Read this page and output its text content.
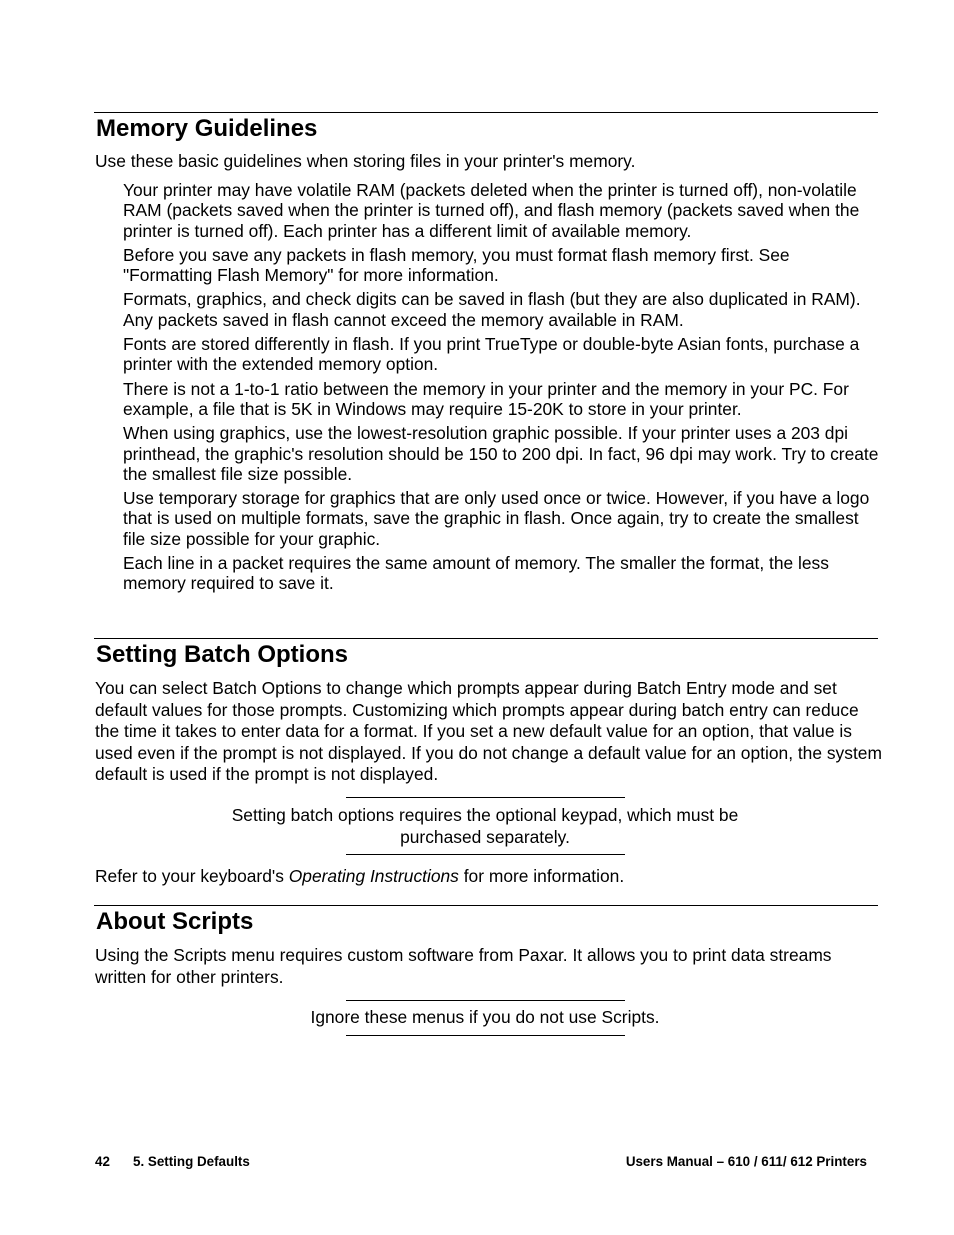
Memory Guidelines

Use these basic guidelines when storing files in your printer's memory.

Your printer may have volatile RAM (packets deleted when the printer is turned off), non-volatile RAM (packets saved when the printer is turned off), and flash memory (packets saved when the printer is turned off). Each printer has a different limit of available memory.

Before you save any packets in flash memory, you must format flash memory first. See "Formatting Flash Memory" for more information.

Formats, graphics, and check digits can be saved in flash (but they are also duplicated in RAM). Any packets saved in flash cannot exceed the memory available in RAM.

Fonts are stored differently in flash. If you print TrueType or double-byte Asian fonts, purchase a printer with the extended memory option.

There is not a 1-to-1 ratio between the memory in your printer and the memory in your PC. For example, a file that is 5K in Windows may require 15-20K to store in your printer.

When using graphics, use the lowest-resolution graphic possible. If your printer uses a 203 dpi printhead, the graphic's resolution should be 150 to 200 dpi. In fact, 96 dpi may work. Try to create the smallest file size possible.

Use temporary storage for graphics that are only used once or twice. However, if you have a logo that is used on multiple formats, save the graphic in flash. Once again, try to create the smallest file size possible for your graphic.

Each line in a packet requires the same amount of memory. The smaller the format, the less memory required to save it.

Setting Batch Options

You can select Batch Options to change which prompts appear during Batch Entry mode and set default values for those prompts. Customizing which prompts appear during batch entry can reduce the time it takes to enter data for a format. If you set a new default value for an option, that value is used even if the prompt is not displayed. If you do not change a default value for an option, the system default is used if the prompt is not displayed.

Setting batch options requires the optional keypad, which must be

purchased separately.

Refer to your keyboard's Operating Instructions for more information.

About Scripts

Using the Scripts menu requires custom software from Paxar. It allows you to print data streams written for other printers.

Ignore these menus if you do not use Scripts.

42 5. Setting Defaults	Users Manual – 610 / 611/ 612 Printers
